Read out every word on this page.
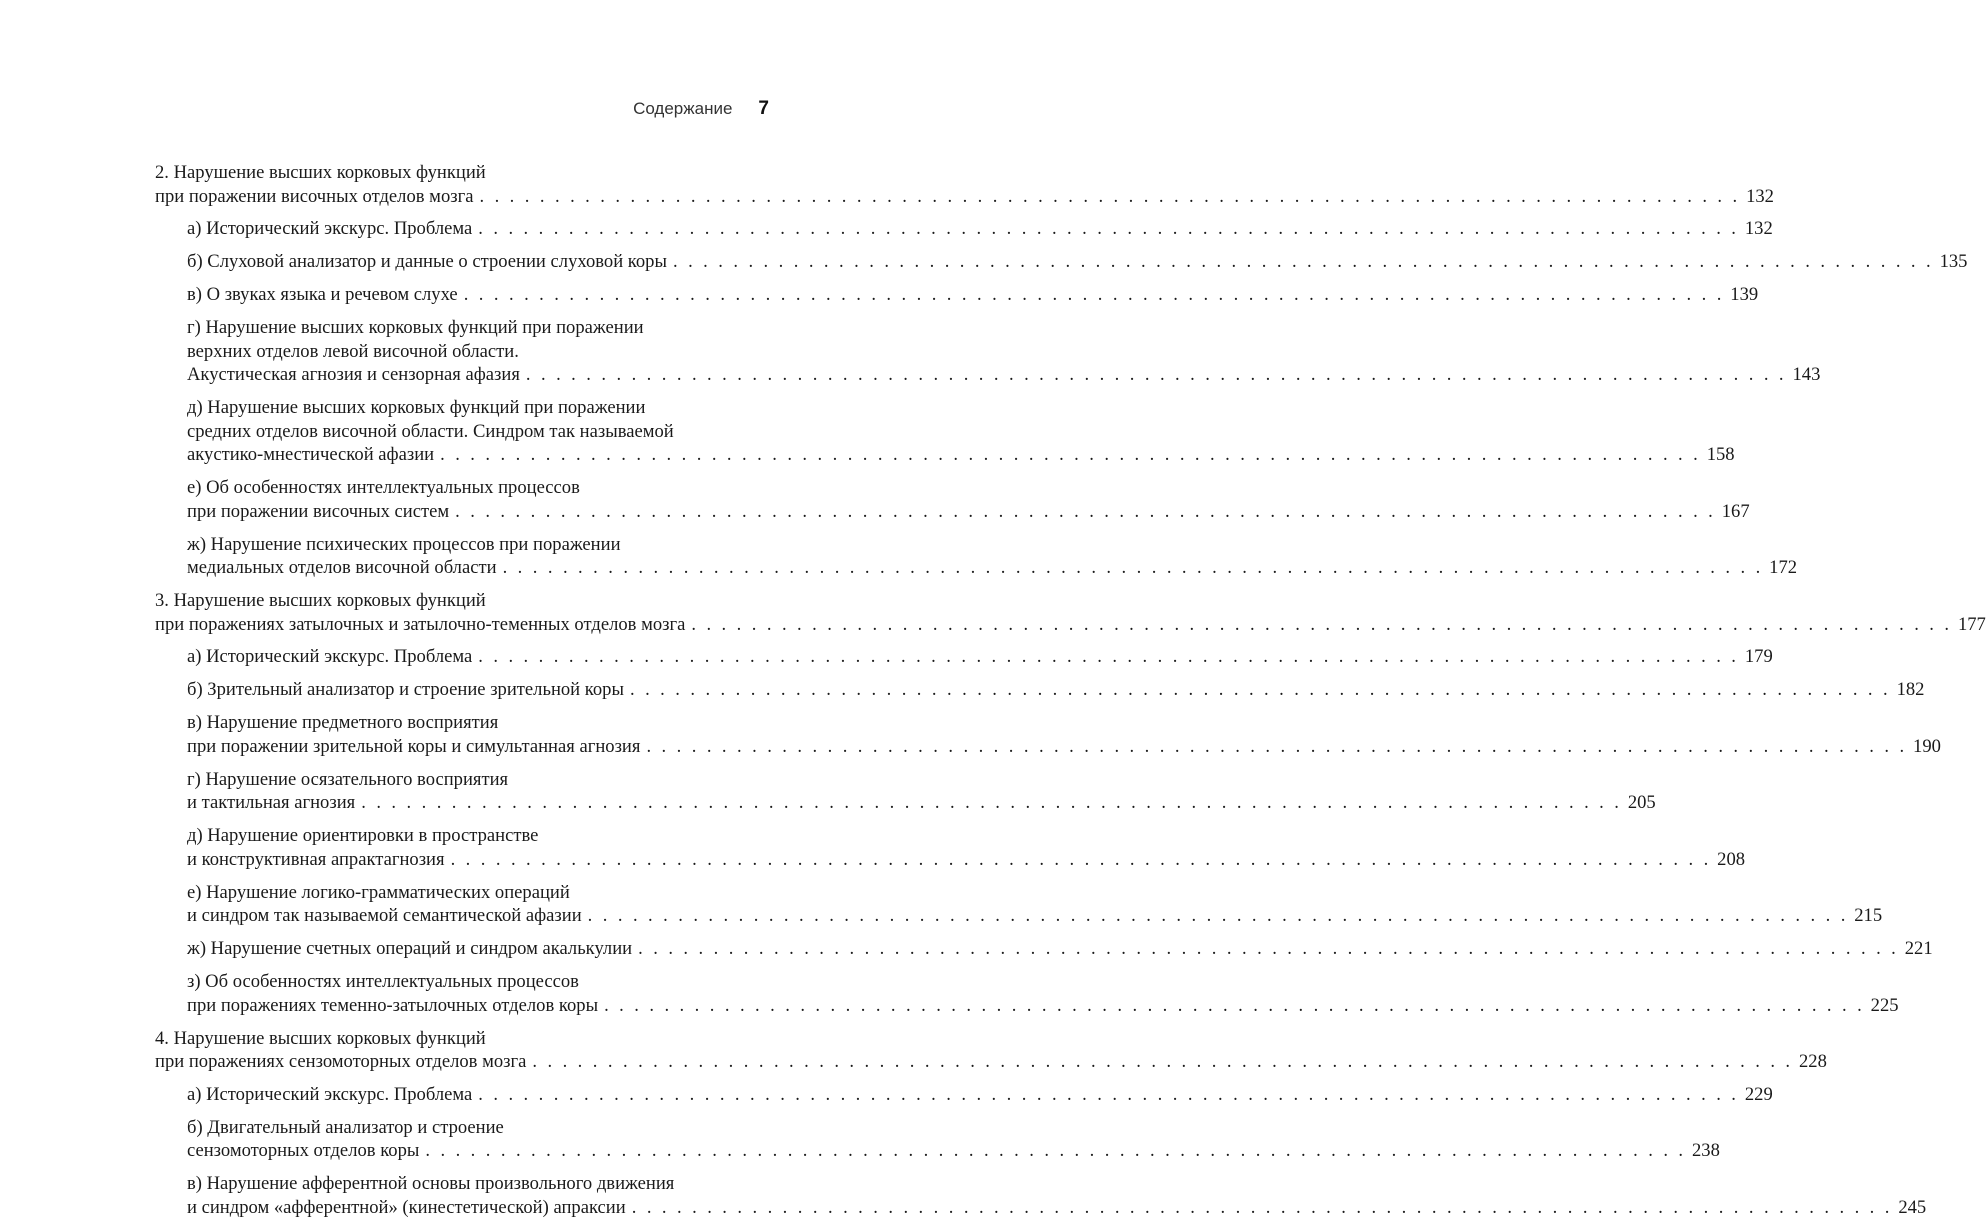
Содержание 7
2. Нарушение высших корковых функций
при поражении височных отделов мозга . . . . . . . . . . . . . . . . . . . . . . . . . . . . . . . . . . . . . . . . . . . . . . . . . . . . . . . . . . . . . . . . . . . . . . . . . . . . . . . . . . . . 132
а) Исторический экскурс. Проблема . . . . . . . . . . . . . . . . . . . . . . . . . . . . . . . . . . . . . . . . . . . . . . . . . . . . . . . . . . . . . . . . . . . . . . . . . . . . . . . . . . . . 132
б) Слуховой анализатор и данные о строении слуховой коры . . . . . . . . . . . . . . . . . . . . . . . . . . . . . . . . . . . . . . . . . . . . . . . . . . . . . . . . . . . . . . . . . . . . . . . . . . . . . . . . . . . . 135
в) О звуках языка и речевом слухе . . . . . . . . . . . . . . . . . . . . . . . . . . . . . . . . . . . . . . . . . . . . . . . . . . . . . . . . . . . . . . . . . . . . . . . . . . . . . . . . . . . . 139
г) Нарушение высших корковых функций при поражении
верхних отделов левой височной области.
Акустическая агнозия и сензорная афазия . . . . . . . . . . . . . . . . . . . . . . . . . . . . . . . . . . . . . . . . . . . . . . . . . . . . . . . . . . . . . . . . . . . . . . . . . . . . . . . . . . . . 143
д) Нарушение высших корковых функций при поражении
средних отделов височной области. Синдром так называемой
акустико-мнестической афазии . . . . . . . . . . . . . . . . . . . . . . . . . . . . . . . . . . . . . . . . . . . . . . . . . . . . . . . . . . . . . . . . . . . . . . . . . . . . . . . . . . . . 158
е) Об особенностях интеллектуальных процессов
при поражении височных систем . . . . . . . . . . . . . . . . . . . . . . . . . . . . . . . . . . . . . . . . . . . . . . . . . . . . . . . . . . . . . . . . . . . . . . . . . . . . . . . . . . . . 167
ж) Нарушение психических процессов при поражении
медиальных отделов височной области . . . . . . . . . . . . . . . . . . . . . . . . . . . . . . . . . . . . . . . . . . . . . . . . . . . . . . . . . . . . . . . . . . . . . . . . . . . . . . . . . . . . 172
3. Нарушение высших корковых функций
при поражениях затылочных и затылочно-теменных отделов мозга . . . . . . . . . . . . . . . . . . . . . . . . . . . . . . . . . . . . . . . . . . . . . . . . . . . . . . . . . . . . . . . . . . . . . . . . . . . . . . . . . . . . 177
а) Исторический экскурс. Проблема . . . . . . . . . . . . . . . . . . . . . . . . . . . . . . . . . . . . . . . . . . . . . . . . . . . . . . . . . . . . . . . . . . . . . . . . . . . . . . . . . . . . 179
б) Зрительный анализатор и строение зрительной коры . . . . . . . . . . . . . . . . . . . . . . . . . . . . . . . . . . . . . . . . . . . . . . . . . . . . . . . . . . . . . . . . . . . . . . . . . . . . . . . . . . . . 182
в) Нарушение предметного восприятия
при поражении зрительной коры и симультанная агнозия . . . . . . . . . . . . . . . . . . . . . . . . . . . . . . . . . . . . . . . . . . . . . . . . . . . . . . . . . . . . . . . . . . . . . . . . . . . . . . . . . . . . 190
г) Нарушение осязательного восприятия
и тактильная агнозия . . . . . . . . . . . . . . . . . . . . . . . . . . . . . . . . . . . . . . . . . . . . . . . . . . . . . . . . . . . . . . . . . . . . . . . . . . . . . . . . . . . . 205
д) Нарушение ориентировки в пространстве
и конструктивная апрактагнозия . . . . . . . . . . . . . . . . . . . . . . . . . . . . . . . . . . . . . . . . . . . . . . . . . . . . . . . . . . . . . . . . . . . . . . . . . . . . . . . . . . . . 208
е) Нарушение логико-грамматических операций
и синдром так называемой семантической афазии . . . . . . . . . . . . . . . . . . . . . . . . . . . . . . . . . . . . . . . . . . . . . . . . . . . . . . . . . . . . . . . . . . . . . . . . . . . . . . . . . . . . 215
ж) Нарушение счетных операций и синдром акалькулии . . . . . . . . . . . . . . . . . . . . . . . . . . . . . . . . . . . . . . . . . . . . . . . . . . . . . . . . . . . . . . . . . . . . . . . . . . . . . . . . . . . . 221
з) Об особенностях интеллектуальных процессов
при поражениях теменно-затылочных отделов коры . . . . . . . . . . . . . . . . . . . . . . . . . . . . . . . . . . . . . . . . . . . . . . . . . . . . . . . . . . . . . . . . . . . . . . . . . . . . . . . . . . . . 225
4. Нарушение высших корковых функций
при поражениях сензомоторных отделов мозга . . . . . . . . . . . . . . . . . . . . . . . . . . . . . . . . . . . . . . . . . . . . . . . . . . . . . . . . . . . . . . . . . . . . . . . . . . . . . . . . . . . . 228
а) Исторический экскурс. Проблема . . . . . . . . . . . . . . . . . . . . . . . . . . . . . . . . . . . . . . . . . . . . . . . . . . . . . . . . . . . . . . . . . . . . . . . . . . . . . . . . . . . . 229
б) Двигательный анализатор и строение
сензомоторных отделов коры . . . . . . . . . . . . . . . . . . . . . . . . . . . . . . . . . . . . . . . . . . . . . . . . . . . . . . . . . . . . . . . . . . . . . . . . . . . . . . . . . . . . 238
в) Нарушение афферентной основы произвольного движения
и синдром «афферентной» (кинестетической) апраксии . . . . . . . . . . . . . . . . . . . . . . . . . . . . . . . . . . . . . . . . . . . . . . . . . . . . . . . . . . . . . . . . . . . . . . . . . . . . . . . . . . . . 245
